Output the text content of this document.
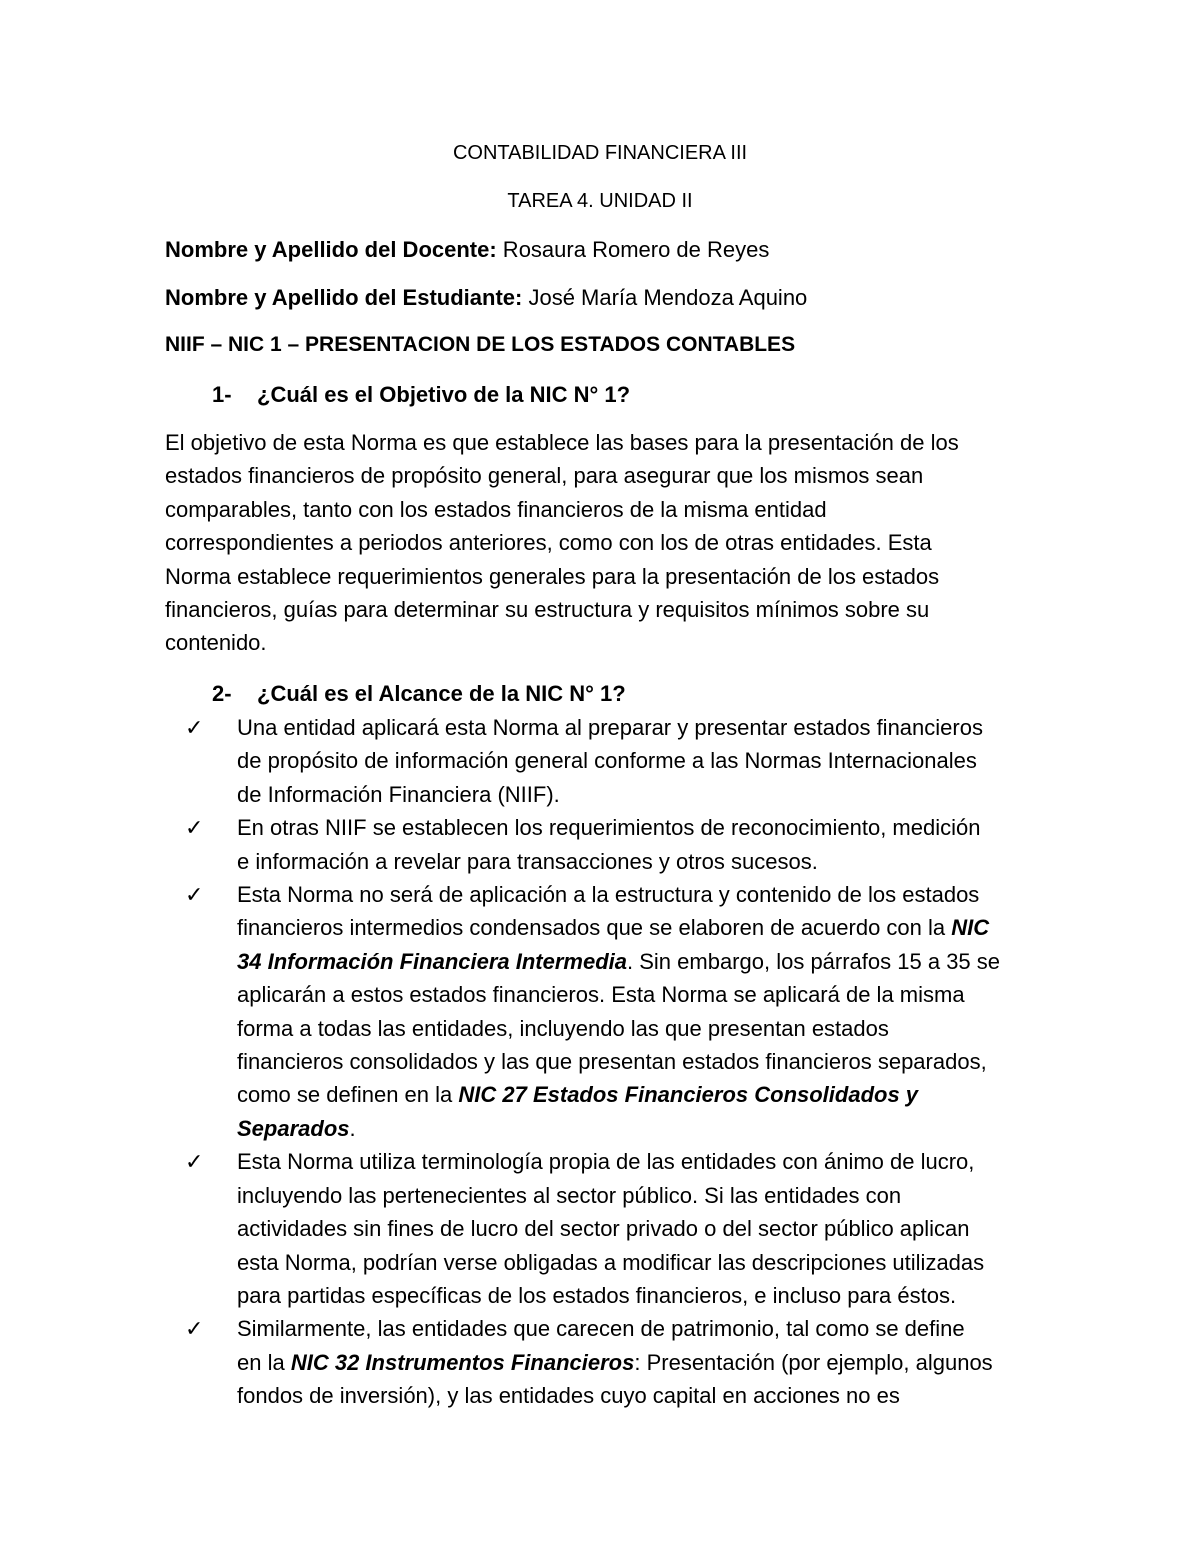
CONTABILIDAD FINANCIERA III
TAREA 4. UNIDAD II
Nombre y Apellido del Docente: Rosaura Romero de Reyes
Nombre y Apellido del Estudiante: José María Mendoza Aquino
NIIF – NIC 1 – PRESENTACION DE LOS ESTADOS CONTABLES
1- ¿Cuál es el Objetivo de la NIC N° 1?
El objetivo de esta Norma es que establece las bases para la presentación de los
estados financieros de propósito general, para asegurar que los mismos sean
comparables, tanto con los estados financieros de la misma entidad
correspondientes a periodos anteriores, como con los de otras entidades. Esta
Norma establece requerimientos generales para la presentación de los estados
financieros, guías para determinar su estructura y requisitos mínimos sobre su
contenido.
2- ¿Cuál es el Alcance de la NIC N° 1?
✓ Una entidad aplicará esta Norma al preparar y presentar estados financieros
de propósito de información general conforme a las Normas Internacionales
de Información Financiera (NIIF).
✓ En otras NIIF se establecen los requerimientos de reconocimiento, medición
e información a revelar para transacciones y otros sucesos.
✓ Esta Norma no será de aplicación a la estructura y contenido de los estados
financieros intermedios condensados que se elaboren de acuerdo con la NIC
34 Información Financiera Intermedia. Sin embargo, los párrafos 15 a 35 se
aplicarán a estos estados financieros. Esta Norma se aplicará de la misma
forma a todas las entidades, incluyendo las que presentan estados
financieros consolidados y las que presentan estados financieros separados,
como se definen en la NIC 27 Estados Financieros Consolidados y
Separados.
✓ Esta Norma utiliza terminología propia de las entidades con ánimo de lucro,
incluyendo las pertenecientes al sector público. Si las entidades con
actividades sin fines de lucro del sector privado o del sector público aplican
esta Norma, podrían verse obligadas a modificar las descripciones utilizadas
para partidas específicas de los estados financieros, e incluso para éstos.
✓ Similarmente, las entidades que carecen de patrimonio, tal como se define
en la NIC 32 Instrumentos Financieros: Presentación (por ejemplo, algunos
fondos de inversión), y las entidades cuyo capital en acciones no es
